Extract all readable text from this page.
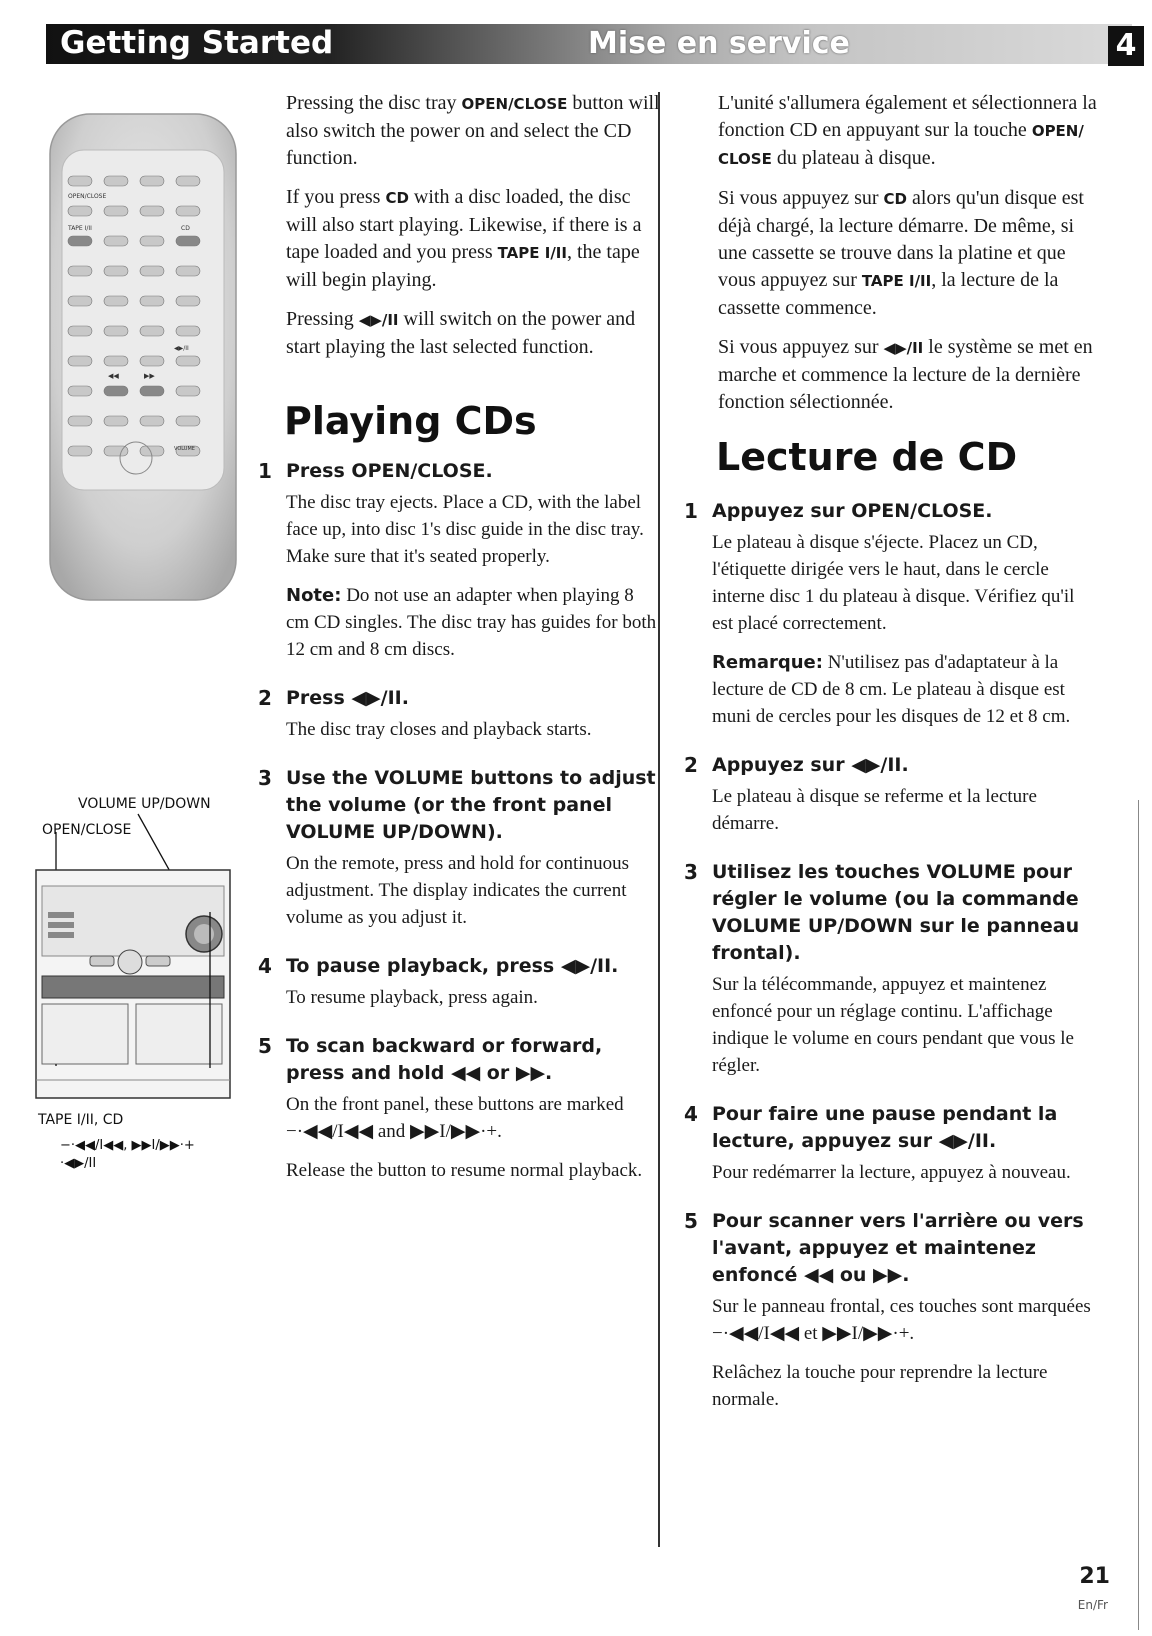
Getting Started	Mise en service	4
OPEN/CLOSE
TAPE I/II	CD
◀▶/II
◀◀	▶▶
VOLUME
VOLUME UP/DOWN
OPEN/CLOSE
TAPE I/II, CD
−·◀◀/I◀◀, ▶▶I/▶▶·+
·◀▶/II

Pressing the disc tray OPEN/CLOSE button will also switch the power on and select the CD function.

If you press CD with a disc loaded, the disc will also start playing. Likewise, if there is a tape loaded and you press TAPE I/II, the tape will begin playing.

Pressing ◀▶/II will switch on the power and start playing the last selected function.

Playing CDs
1 Press OPEN/CLOSE.

The disc tray ejects. Place a CD, with the label face up, into disc 1's disc guide in the disc tray. Make sure that it's seated properly.

Note: Do not use an adapter when playing 8 cm CD singles. The disc tray has guides for both 12 cm and 8 cm discs.

2 Press ◀▶/II.

The disc tray closes and playback starts.

3 Use the VOLUME buttons to adjust the volume (or the front panel VOLUME UP/DOWN).

On the remote, press and hold for continuous adjustment. The display indicates the current volume as you adjust it.

4 To pause playback, press ◀▶/II.

To resume playback, press again.

5 To scan backward or forward, press and hold ◀◀ or ▶▶.

On the front panel, these buttons are marked −·◀◀/I◀◀ and ▶▶I/▶▶·+.

Release the button to resume normal playback.

L'unité s'allumera également et sélectionnera la fonction CD en appuyant sur la touche OPEN/ CLOSE du plateau à disque.

Si vous appuyez sur CD alors qu'un disque est déjà chargé, la lecture démarre. De même, si une cassette se trouve dans la platine et que vous appuyez sur TAPE I/II, la lecture de la cassette commence.

Si vous appuyez sur ◀▶/II le système se met en marche et commence la lecture de la dernière fonction sélectionnée.

Lecture de CD
1 Appuyez sur OPEN/CLOSE.

Le plateau à disque s'éjecte. Placez un CD, l'étiquette dirigée vers le haut, dans le cercle interne disc 1 du plateau à disque. Vérifiez qu'il est placé correctement.

Remarque: N'utilisez pas d'adaptateur à la lecture de CD de 8 cm. Le plateau à disque est muni de cercles pour les disques de 12 et 8 cm.

2 Appuyez sur ◀▶/II.

Le plateau à disque se referme et la lecture démarre.

3 Utilisez les touches VOLUME pour régler le volume (ou la commande VOLUME UP/DOWN sur le panneau frontal).

Sur la télécommande, appuyez et maintenez enfoncé pour un réglage continu. L'affichage indique le volume en cours pendant que vous le régler.

4 Pour faire une pause pendant la lecture, appuyez sur ◀▶/II.

Pour redémarrer la lecture, appuyez à nouveau.

5 Pour scanner vers l'arrière ou vers l'avant, appuyez et maintenez enfoncé ◀◀ ou ▶▶.

Sur le panneau frontal, ces touches sont marquées −·◀◀/I◀◀ et ▶▶I/▶▶·+.

Relâchez la touche pour reprendre la lecture normale.

21
En/Fr
